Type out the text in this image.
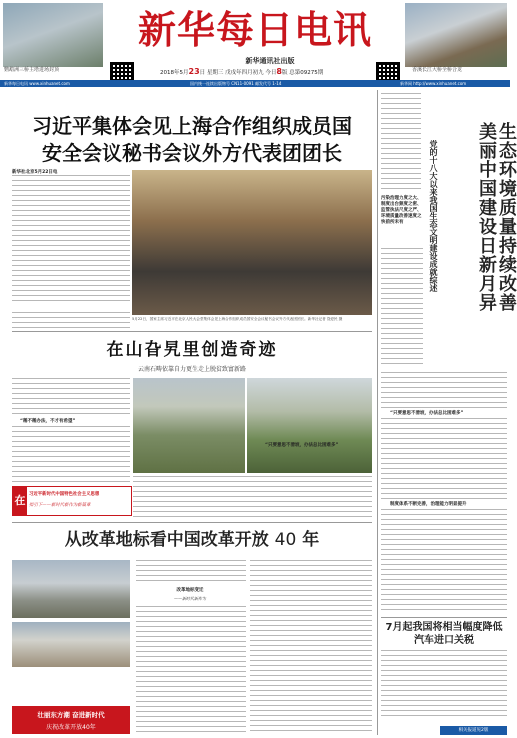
鹦鹉洲三桥主塔进场封顶
新华每日电讯
新华通讯社出版
2018年5月23日 星期三 戊戌年四月初九 今日8版 总第09275期	香溪长江大桥全桥合龙
新华每日电讯 www.xinhuanet.com	国内统一连续出版物号 CN11-0091 邮发代号 1-14	新华网 http://www.xinhuanet.com
习近平集体会见上海合作组织成员国
安全会议秘书会议外方代表团团长
新华社北京5月22日电
5月22日，国家主席习近平在北京人民大会堂集体会见上海合作组织成员国安全会议秘书会议外方代表团团长。新华社记者 饶爱民 摄
在山旮旯里创造奇迹
云南石畴依靠自力更生走上脱贫致富新路
“稀不稀办法，不才有希望”
“只要意思不滑坡，办法总比困难多”
在 习近平新时代中国特色社会主义思想
指引下——新时代新作为新篇章
从改革地标看中国改革开放 40 年
改革地标变迁
——新时代新作为
壮丽东方潮 奋进新时代
庆祝改革开放40年
生态环境质量持续改善 美丽中国建设日新月异
党的十八大以来我国生态文明建设成就综述
污染治理力度之大、制度出台频度之密、监管执法尺度之严、环境质量改善速度之快前所未有
“只要意思不滑坡，办法总比困难多”
制度体系不断完善，治理能力明显提升
7月起我国将相当幅度降低汽车进口关税
相关报道见2版
